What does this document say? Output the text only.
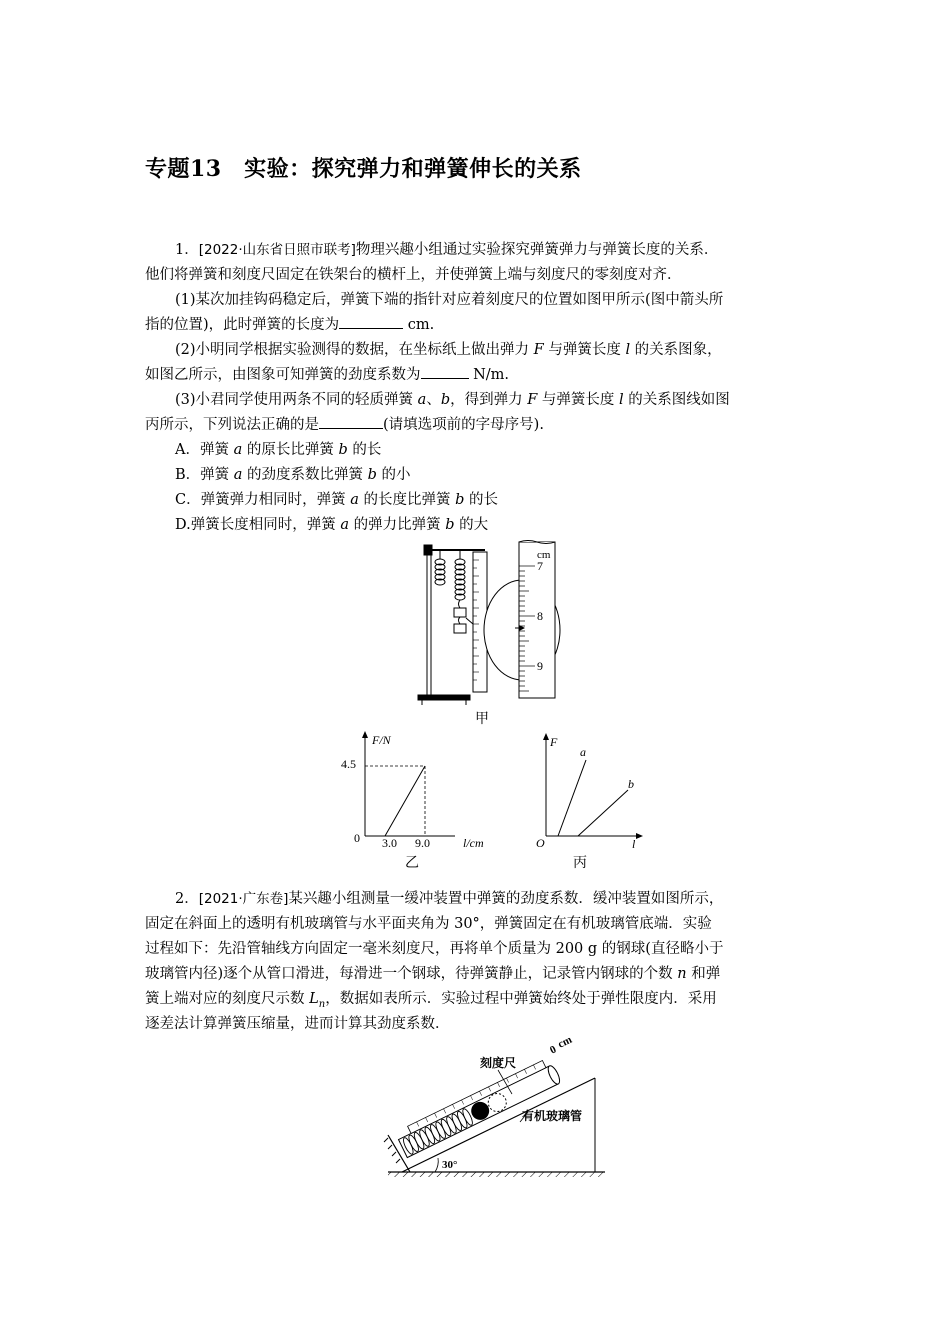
专题13　实验：探究弹力和弹簧伸长的关系

1．[2022·山东省日照市联考]物理兴趣小组通过实验探究弹簧弹力与弹簧长度的关系．

他们将弹簧和刻度尺固定在铁架台的横杆上，并使弹簧上端与刻度尺的零刻度对齐．

(1)某次加挂钩码稳定后，弹簧下端的指针对应着刻度尺的位置如图甲所示(图中箭头所

指的位置)，此时弹簧的长度为	cm.

(2)小明同学根据实验测得的数据，在坐标纸上做出弹力 F 与弹簧长度 l 的关系图象，

如图乙所示，由图象可知弹簧的劲度系数为	N/m.

(3)小君同学使用两条不同的轻质弹簧 a、b，得到弹力 F 与弹簧长度 l 的关系图线如图

丙所示，下列说法正确的是	(请填选项前的字母序号).

A．弹簧 a 的原长比弹簧 b 的长

B．弹簧 a 的劲度系数比弹簧 b 的小

C．弹簧弹力相同时，弹簧 a 的长度比弹簧 b 的长

D.弹簧长度相同时，弹簧 a 的弹力比弹簧 b 的大

cm
7
8
9
甲
F/N
0
4.5
3.0 9.0	l/cm
乙
F
a
b
O	l
丙

2．[2021·广东卷]某兴趣小组测量一缓冲装置中弹簧的劲度系数．缓冲装置如图所示，

固定在斜面上的透明有机玻璃管与水平面夹角为 30°，弹簧固定在有机玻璃管底端．实验

过程如下：先沿管轴线方向固定一毫米刻度尺，再将单个质量为 200 g 的钢球(直径略小于

玻璃管内径)逐个从管口滑进，每滑进一个钢球，待弹簧静止，记录管内钢球的个数 n 和弹

簧上端对应的刻度尺示数 $L_n$，数据如表所示．实验过程中弹簧始终处于弹性限度内．采用

逐差法计算弹簧压缩量，进而计算其劲度系数．

刻度尺
有机玻璃管
0
cm
30°
